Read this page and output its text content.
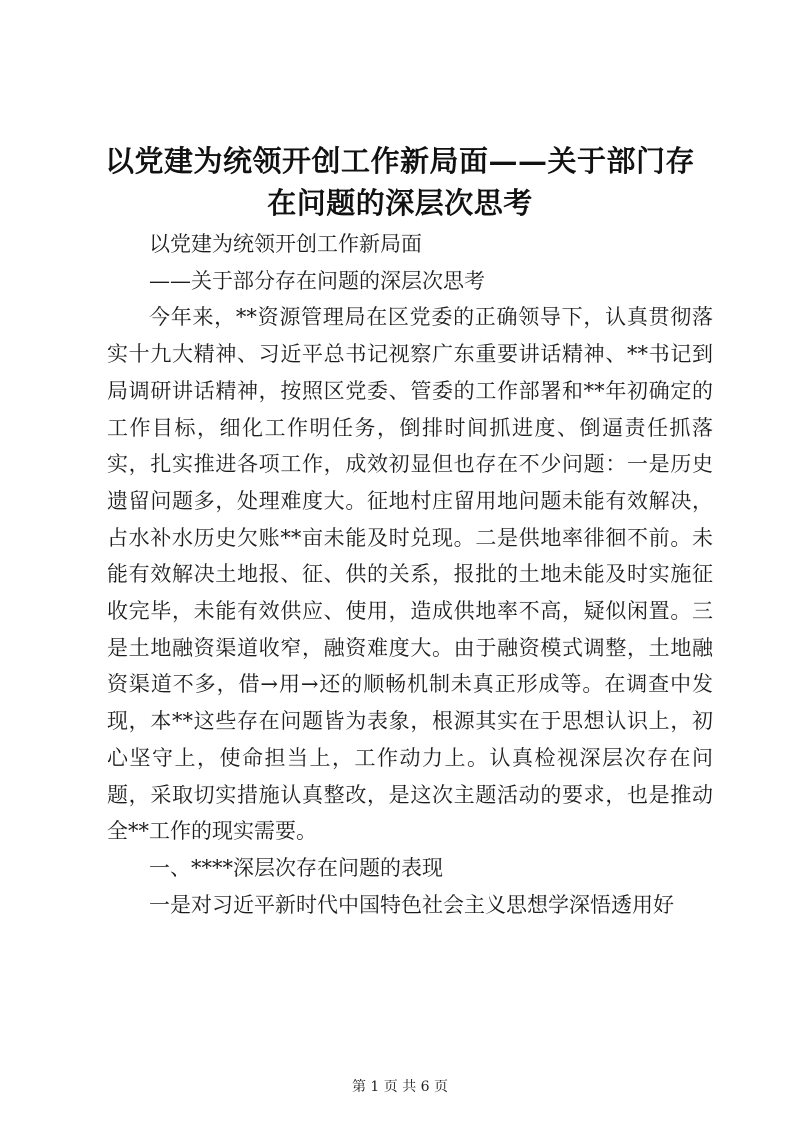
以党建为统领开创工作新局面——关于部门存在问题的深层次思考

以党建为统领开创工作新局面

——关于部分存在问题的深层次思考

今年来，**资源管理局在区党委的正确领导下，认真贯彻落实十九大精神、习近平总书记视察广东重要讲话精神、**书记到局调研讲话精神，按照区党委、管委的工作部署和**年初确定的工作目标，细化工作明任务，倒排时间抓进度、倒逼责任抓落实，扎实推进各项工作，成效初显但也存在不少问题：一是历史遗留问题多，处理难度大。征地村庄留用地问题未能有效解决，占水补水历史欠账**亩未能及时兑现。二是供地率徘徊不前。未能有效解决土地报、征、供的关系，报批的土地未能及时实施征收完毕，未能有效供应、使用，造成供地率不高，疑似闲置。三是土地融资渠道收窄，融资难度大。由于融资模式调整，土地融资渠道不多，借→用→还的顺畅机制未真正形成等。在调查中发现，本**这些存在问题皆为表象，根源其实在于思想认识上，初心坚守上，使命担当上，工作动力上。认真检视深层次存在问题，采取切实措施认真整改，是这次主题活动的要求，也是推动全**工作的现实需要。

一、****深层次存在问题的表现

一是对习近平新时代中国特色社会主义思想学深悟透用好

第 1 页 共 6 页
